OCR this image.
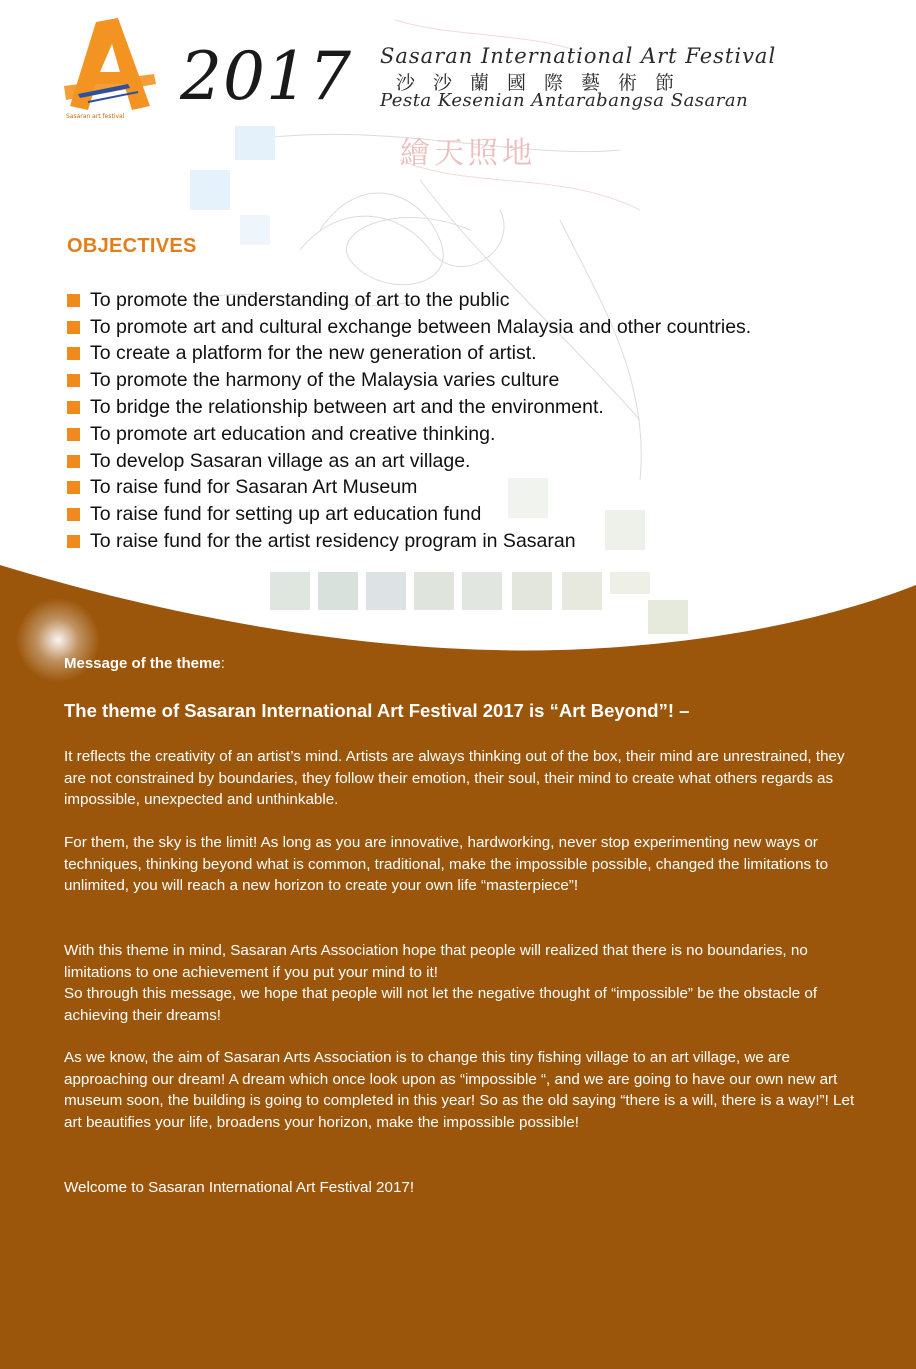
Sasaran art festival
2017 Sasaran International Art Festival
沙沙蘭國際藝術節
Pesta Kesenian Antarabangsa Sasaran
繪天照地
OBJECTIVES
To promote the understanding of art to the public
To promote art and cultural exchange between Malaysia and other countries.
To create a platform for the new generation of artist.
To promote the harmony of the Malaysia varies culture
To bridge the relationship between art and the environment.
To promote art education and creative thinking.
To develop Sasaran village as an art village.
To raise fund for Sasaran Art Museum
To raise fund for setting up art education fund
To raise fund for the artist residency program in Sasaran
Message of the theme:
The theme of Sasaran International Art Festival 2017 is “Art Beyond”! –

It reflects the creativity of an artist’s mind. Artists are always thinking out of the box, their mind are unrestrained, they are not constrained by boundaries, they follow their emotion, their soul, their mind to create what others regards as impossible, unexpected and unthinkable.

For them, the sky is the limit! As long as you are innovative, hardworking, never stop experimenting new ways or techniques, thinking beyond what is common, traditional, make the impossible possible, changed the limitations to unlimited, you will reach a new horizon to create your own life “masterpiece”!

With this theme in mind, Sasaran Arts Association hope that people will realized that there is no boundaries, no limitations to one achievement if you put your mind to it!

So through this message, we hope that people will not let the negative thought of “impossible” be the obstacle of achieving their dreams!

As we know, the aim of Sasaran Arts Association is to change this tiny fishing village to an art village, we are approaching our dream! A dream which once look upon as “impossible “, and we are going to have our own new art museum soon, the building is going to completed in this year! So as the old saying “there is a will, there is a way!”! Let art beautifies your life, broadens your horizon, make the impossible possible!

Welcome to Sasaran International Art Festival 2017!
